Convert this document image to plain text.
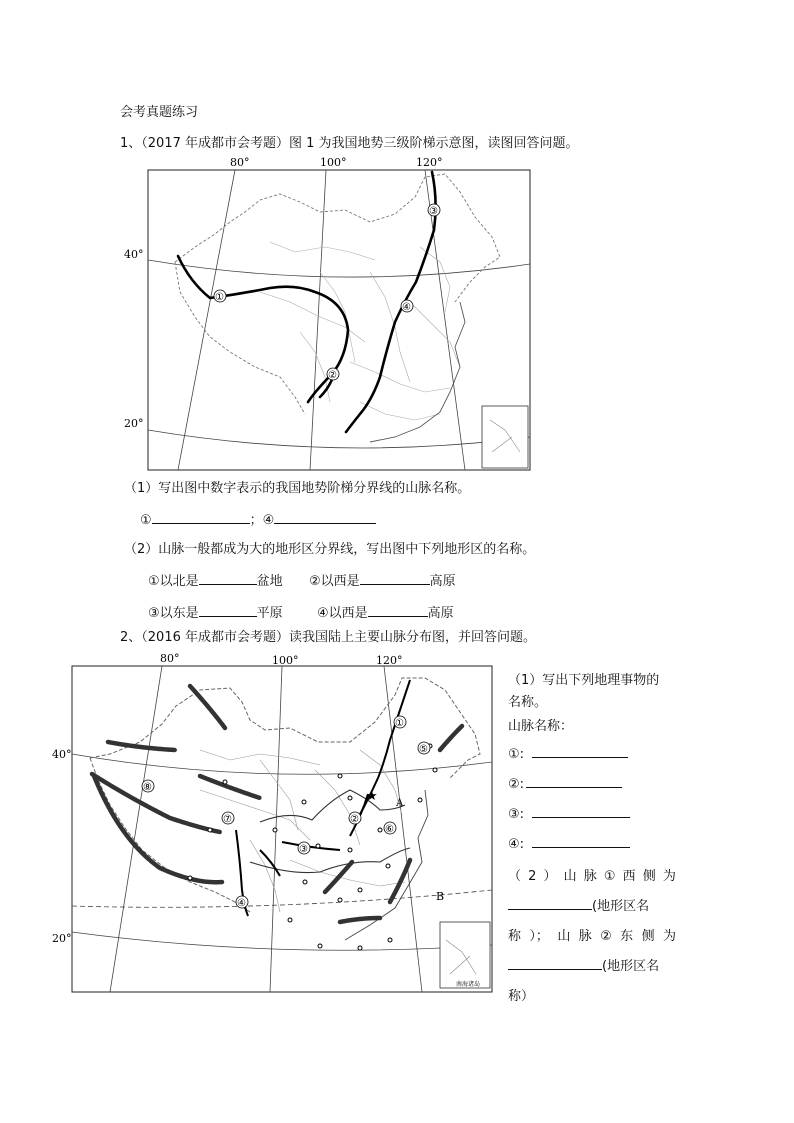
会考真题练习
1、（2017 年成都市会考题）图 1 为我国地势三级阶梯示意图，读图回答问题。
80°	100°	120°
40°
20°
①
②
③
④
（1）写出图中数字表示的我国地势阶梯分界线的山脉名称。
①	；④
（2）山脉一般都成为大的地形区分界线，写出图中下列地形区的名称。
①以北是	盆地 ②以西是	高原
③以东是	平原	④以西是	高原
2、（2016 年成都市会考题）读我国陆上主要山脉分布图，并回答问题。
80°	100°	120°
40°
20°
南海诸岛
★
①
②
③
④
⑤
⑥
⑦
⑧
A
B
（1）写出下列地理事物的
名称。
山脉名称：
①:
②:
③:
④:
（ 2 ） 山 脉 ① 西 侧 为
(地形区名
称 ）； 山 脉 ② 东 侧 为
(地形区名
称）
